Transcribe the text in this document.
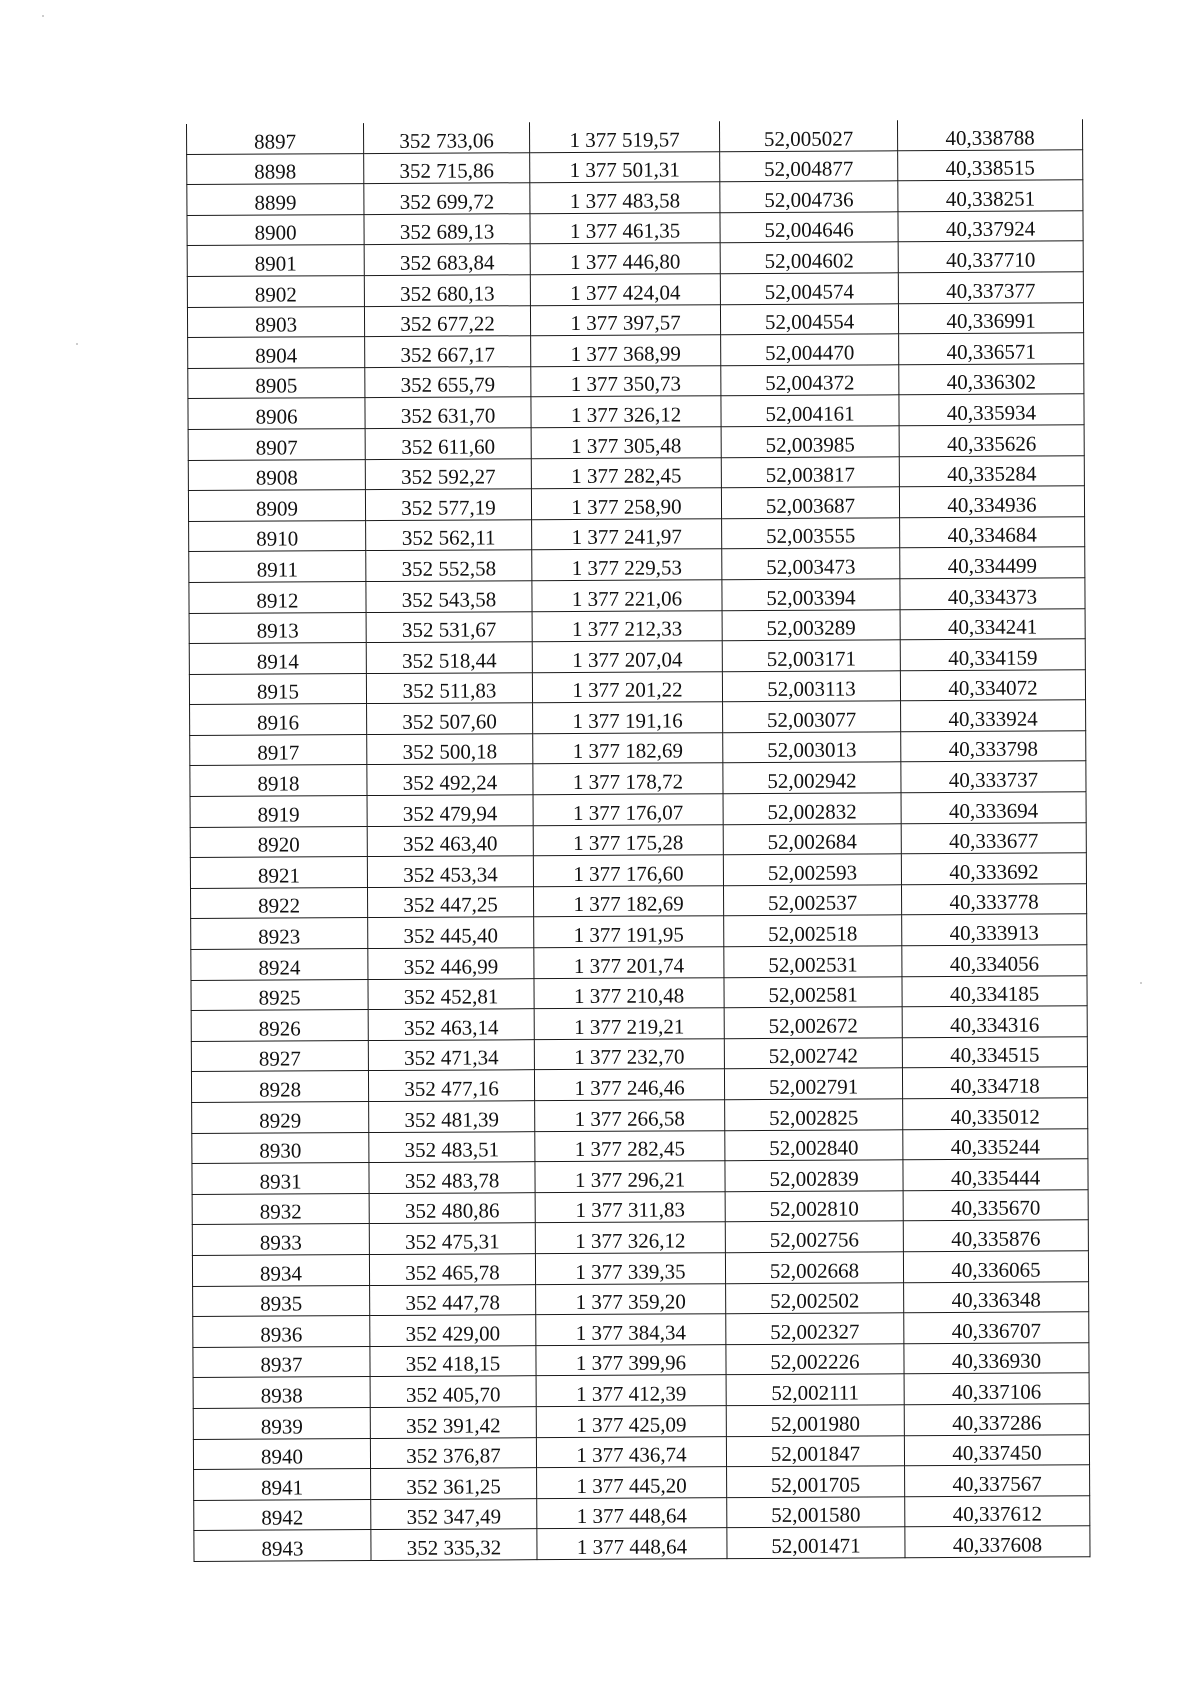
8897	352 733,06	1 377 519,57	52,005027	40,338788
8898	352 715,86	1 377 501,31	52,004877	40,338515
8899	352 699,72	1 377 483,58	52,004736	40,338251
8900	352 689,13	1 377 461,35	52,004646	40,337924
8901	352 683,84	1 377 446,80	52,004602	40,337710
8902	352 680,13	1 377 424,04	52,004574	40,337377
8903	352 677,22	1 377 397,57	52,004554	40,336991
8904	352 667,17	1 377 368,99	52,004470	40,336571
8905	352 655,79	1 377 350,73	52,004372	40,336302
8906	352 631,70	1 377 326,12	52,004161	40,335934
8907	352 611,60	1 377 305,48	52,003985	40,335626
8908	352 592,27	1 377 282,45	52,003817	40,335284
8909	352 577,19	1 377 258,90	52,003687	40,334936
8910	352 562,11	1 377 241,97	52,003555	40,334684
8911	352 552,58	1 377 229,53	52,003473	40,334499
8912	352 543,58	1 377 221,06	52,003394	40,334373
8913	352 531,67	1 377 212,33	52,003289	40,334241
8914	352 518,44	1 377 207,04	52,003171	40,334159
8915	352 511,83	1 377 201,22	52,003113	40,334072
8916	352 507,60	1 377 191,16	52,003077	40,333924
8917	352 500,18	1 377 182,69	52,003013	40,333798
8918	352 492,24	1 377 178,72	52,002942	40,333737
8919	352 479,94	1 377 176,07	52,002832	40,333694
8920	352 463,40	1 377 175,28	52,002684	40,333677
8921	352 453,34	1 377 176,60	52,002593	40,333692
8922	352 447,25	1 377 182,69	52,002537	40,333778
8923	352 445,40	1 377 191,95	52,002518	40,333913
8924	352 446,99	1 377 201,74	52,002531	40,334056
8925	352 452,81	1 377 210,48	52,002581	40,334185
8926	352 463,14	1 377 219,21	52,002672	40,334316
8927	352 471,34	1 377 232,70	52,002742	40,334515
8928	352 477,16	1 377 246,46	52,002791	40,334718
8929	352 481,39	1 377 266,58	52,002825	40,335012
8930	352 483,51	1 377 282,45	52,002840	40,335244
8931	352 483,78	1 377 296,21	52,002839	40,335444
8932	352 480,86	1 377 311,83	52,002810	40,335670
8933	352 475,31	1 377 326,12	52,002756	40,335876
8934	352 465,78	1 377 339,35	52,002668	40,336065
8935	352 447,78	1 377 359,20	52,002502	40,336348
8936	352 429,00	1 377 384,34	52,002327	40,336707
8937	352 418,15	1 377 399,96	52,002226	40,336930
8938	352 405,70	1 377 412,39	52,002111	40,337106
8939	352 391,42	1 377 425,09	52,001980	40,337286
8940	352 376,87	1 377 436,74	52,001847	40,337450
8941	352 361,25	1 377 445,20	52,001705	40,337567
8942	352 347,49	1 377 448,64	52,001580	40,337612
8943	352 335,32	1 377 448,64	52,001471	40,337608
